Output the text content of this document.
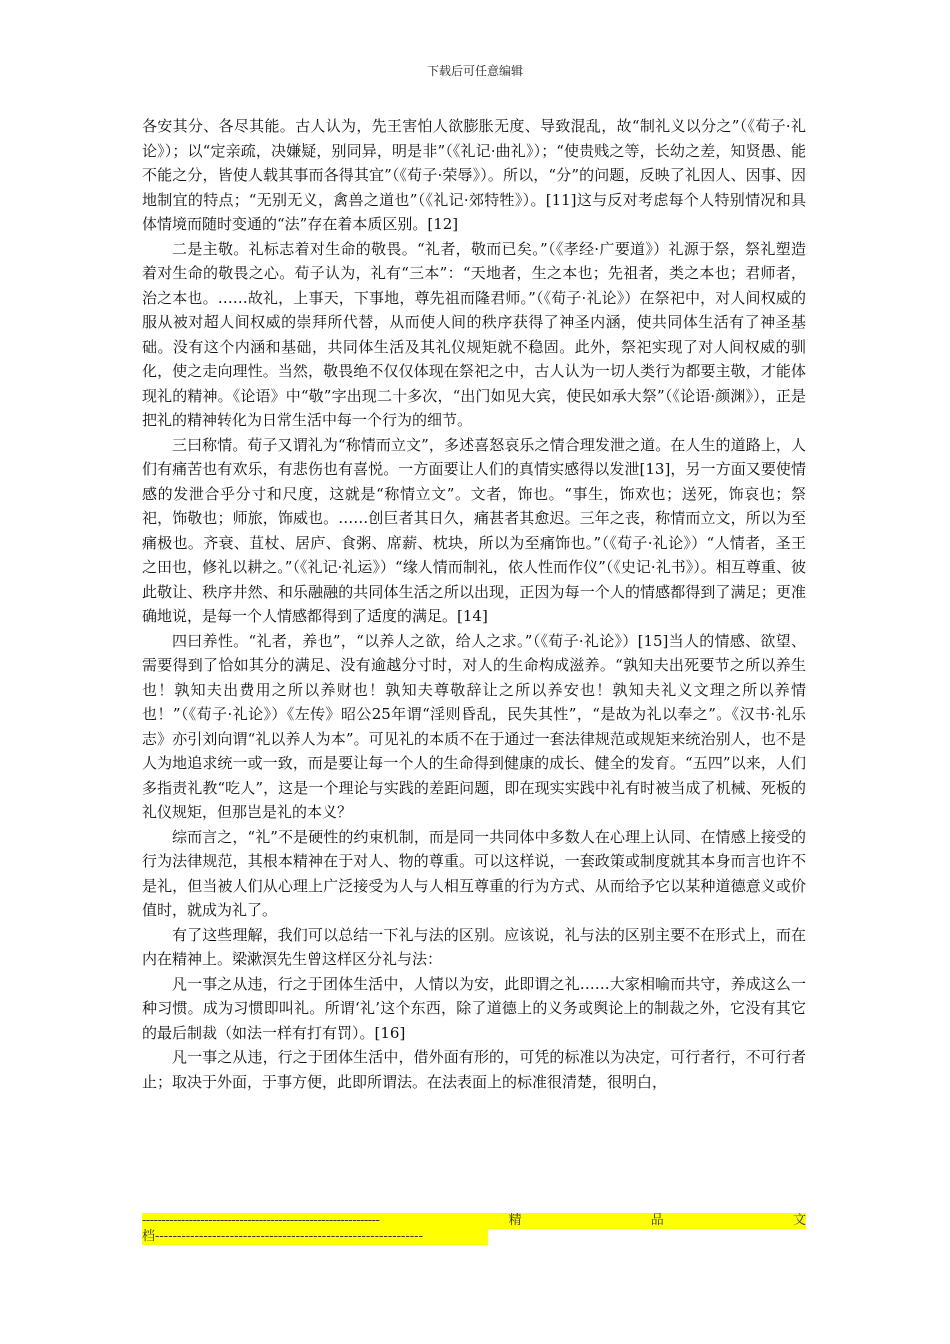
下载后可任意编辑

各安其分、各尽其能。古人认为，先王害怕人欲膨胀无度、导致混乱，故“制礼义以分之”（《荀子·礼论》）；以“定亲疏，决嫌疑，别同异，明是非”（《礼记·曲礼》）；“使贵贱之等，长幼之差，知贤愚、能不能之分，皆使人载其事而各得其宜”（《荀子·荣辱》）。所以，“分”的问题，反映了礼因人、因事、因地制宜的特点；“无别无义，禽兽之道也”（《礼记·郊特牲》）。[11]这与反对考虑每个人特别情况和具体情境而随时变通的“法”存在着本质区别。[12]

二是主敬。礼标志着对生命的敬畏。“礼者，敬而已矣。”（《孝经·广要道》）礼源于祭，祭礼塑造着对生命的敬畏之心。荀子认为，礼有“三本”：“天地者，生之本也；先祖者，类之本也；君师者，治之本也。……故礼，上事天，下事地，尊先祖而隆君师。”（《荀子·礼论》）在祭祀中，对人间权威的服从被对超人间权威的崇拜所代替，从而使人间的秩序获得了神圣内涵，使共同体生活有了神圣基础。没有这个内涵和基础，共同体生活及其礼仪规矩就不稳固。此外，祭祀实现了对人间权威的驯化，使之走向理性。当然，敬畏绝不仅仅体现在祭祀之中，古人认为一切人类行为都要主敬，才能体现礼的精神。《论语》中“敬”字出现二十多次，“出门如见大宾，使民如承大祭”（《论语·颜渊》），正是把礼的精神转化为日常生活中每一个行为的细节。

三曰称情。荀子又谓礼为“称情而立文”，多述喜怒哀乐之情合理发泄之道。在人生的道路上，人们有痛苦也有欢乐，有悲伤也有喜悦。一方面要让人们的真情实感得以发泄[13]，另一方面又要使情感的发泄合乎分寸和尺度，这就是“称情立文”。文者，饰也。“事生，饰欢也；送死，饰哀也；祭祀，饰敬也；师旅，饰威也。……创巨者其日久，痛甚者其愈迟。三年之丧，称情而立文，所以为至痛极也。齐衰、苴杖、居庐、食粥、席薪、枕块，所以为至痛饰也。”（《荀子·礼论》）“人情者，圣王之田也，修礼以耕之。”（《礼记·礼运》）“缘人情而制礼，依人性而作仪”（《史记·礼书》）。相互尊重、彼此敬让、秩序井然、和乐融融的共同体生活之所以出现，正因为每一个人的情感都得到了满足；更准确地说，是每一个人情感都得到了适度的满足。[14]

四曰养性。“礼者，养也”，“以养人之欲，给人之求。”（《荀子·礼论》）[15]当人的情感、欲望、需要得到了恰如其分的满足、没有逾越分寸时，对人的生命构成滋养。“孰知夫出死要节之所以养生也！孰知夫出费用之所以养财也！孰知夫尊敬辞让之所以养安也！孰知夫礼义文理之所以养情也！”（《荀子·礼论》）《左传》昭公25年谓“淫则昏乱，民失其性”，“是故为礼以奉之”。《汉书·礼乐志》亦引刘向谓“礼以养人为本”。可见礼的本质不在于通过一套法律规范或规矩来统治别人，也不是人为地追求统一或一致，而是要让每一个人的生命得到健康的成长、健全的发育。“五四”以来，人们多指责礼教“吃人”，这是一个理论与实践的差距问题，即在现实实践中礼有时被当成了机械、死板的礼仪规矩，但那岂是礼的本义？

综而言之，“礼”不是硬性的约束机制，而是同一共同体中多数人在心理上认同、在情感上接受的行为法律规范，其根本精神在于对人、物的尊重。可以这样说，一套政策或制度就其本身而言也许不是礼，但当被人们从心理上广泛接受为人与人相互尊重的行为方式、从而给予它以某种道德意义或价值时，就成为礼了。

有了这些理解，我们可以总结一下礼与法的区别。应该说，礼与法的区别主要不在形式上，而在内在精神上。梁漱溟先生曾这样区分礼与法：

凡一事之从违，行之于团体生活中，人情以为安，此即谓之礼……大家相喻而共守，养成这么一种习惯。成为习惯即叫礼。所谓‘礼’这个东西，除了道德上的义务或舆论上的制裁之外，它没有其它的最后制裁（如法一样有打有罚）。[16]

凡一事之从违，行之于团体生活中，借外面有形的，可凭的标准以为决定，可行者行，不可行者止；取决于外面，于事方便，此即所谓法。在法表面上的标准很清楚，很明白，

-------------------------------------------------------------	精	品	文
档-------------------------------------------------------------
